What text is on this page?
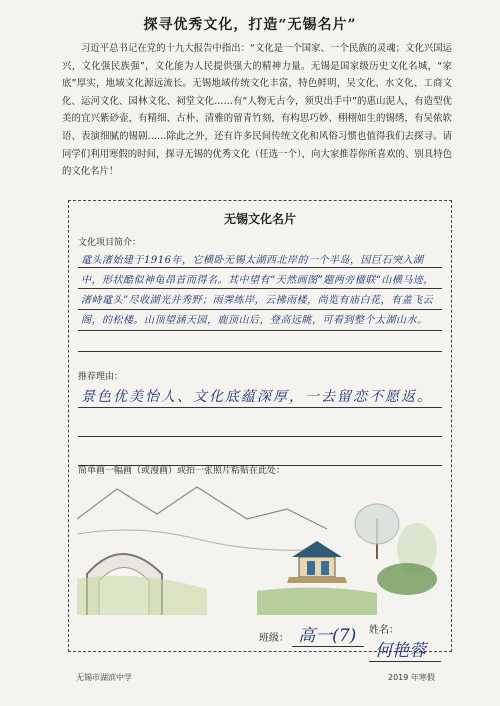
探寻优秀文化，打造“无锡名片”
习近平总书记在党的十九大报告中指出：“文化是一个国家、一个民族的灵魂；文化兴国运兴，文化强民族强”，文化能为人民提供强大的精神力量。无锡是国家级历史文化名城，“家底”厚实，地域文化源远流长。无锡地域传统文化丰富，特色鲜明，吴文化、水文化、工商文化、运河文化、园林文化、祠堂文化……有“人物无古今，须臾出手中”的惠山泥人，有造型优美的宜兴紫砂壶，有精细、古朴、清雅的留青竹刻，有构思巧妙、栩栩如生的锡绣，有吴侬软语、表演细腻的锡剧……除此之外，还有许多民间传统文化和风俗习惯也值得我们去探寻。请同学们利用寒假的时间，探寻无锡的优秀文化（任选一个），向大家推荐你所喜欢的、别具特色的文化名片！
无锡文化名片
文化项目简介：
鼋头渚始建于1916年，它横卧无锡太湖西北岸的一个半岛，因巨石突入湖中，形状酷似神龟昂首而得名。其中望有“天然画图”题两旁楹联“山横马迹，渚峙鼋头”尽收湖光并秀野；雨霁练岸，云拂雨楼，尚览有庙白花，有盖飞云阁，的松楼。山顶望涵天园，鹿顶山后，登高远眺，可看到整个太湖山水。
推荐理由：
景色优美怡人、文化底蕴深厚，一去留恋不愿返。
简单画一幅画（或漫画）或拍一张照片粘贴在此处：
班级： 高一(7)	姓名： 何艳蓉
无锡市湖滨中学	2019 年寒假
